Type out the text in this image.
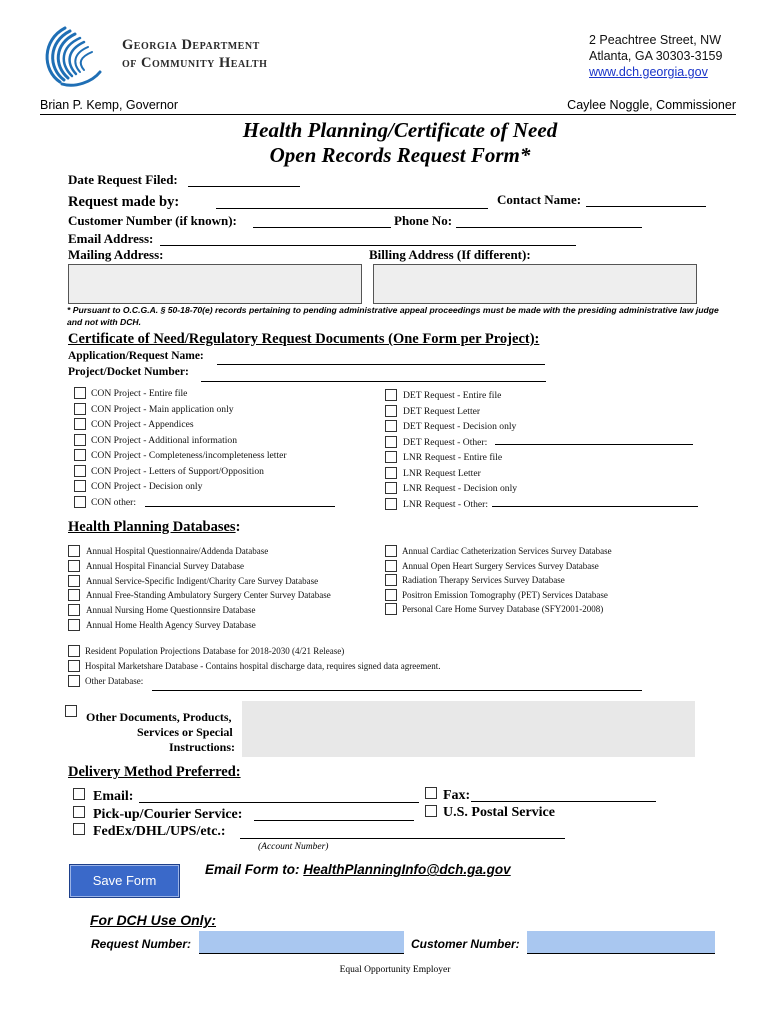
Georgia Department
of Community Health
2 Peachtree Street, NW
Atlanta, GA 30303-3159
www.dch.georgia.gov
Brian P. Kemp, Governor	Caylee Noggle, Commissioner
Health Planning/Certificate of Need
Open Records Request Form*
Date Request Filed:
Request made by:	Contact Name:
Customer Number (if known):	Phone No:
Email Address:
Mailing Address:	Billing Address (If different):
* Pursuant to O.C.G.A. § 50-18-70(e) records pertaining to pending administrative appeal proceedings must be made with the presiding administrative law judge and not with DCH.
Certificate of Need/Regulatory Request Documents (One Form per Project):
Application/Request Name:
Project/Docket Number:
CON Project - Entire file
CON Project - Main application only
CON Project - Appendices
CON Project - Additional information
CON Project - Completeness/incompleteness letter
CON Project - Letters of Support/Opposition
CON Project - Decision only
CON other:
DET Request - Entire file
DET Request Letter
DET Request - Decision only
DET Request - Other:
LNR Request - Entire file
LNR Request Letter
LNR Request - Decision only
LNR Request - Other:
Health Planning Databases:
Annual Hospital Questionnaire/Addenda Database
Annual Hospital Financial Survey Database
Annual Service-Specific Indigent/Charity Care Survey Database
Annual Free-Standing Ambulatory Surgery Center Survey Database
Annual Nursing Home Questionnsire Database
Annual Home Health Agency Survey Database
Annual Cardiac Catheterization Services Survey Database
Annual Open Heart Surgery Services Survey Database
Radiation Therapy Services Survey Database
Positron Emission Tomography (PET) Services Database
Personal Care Home Survey Database (SFY2001-2008)
Resident Population Projections Database for 2018-2030 (4/21 Release)
Hospital Marketshare Database - Contains hospital discharge data, requires signed data agreement.
Other Database:
Other Documents, Products,
Services or Special
Instructions:
Delivery Method Preferred:
Email:
Pick-up/Courier Service:
FedEx/DHL/UPS/etc.:
(Account Number)
Fax:
U.S. Postal Service
Save Form
Email Form to: HealthPlanningInfo@dch.ga.gov
For DCH Use Only:
Request Number:	Customer Number:
Equal Opportunity Employer
